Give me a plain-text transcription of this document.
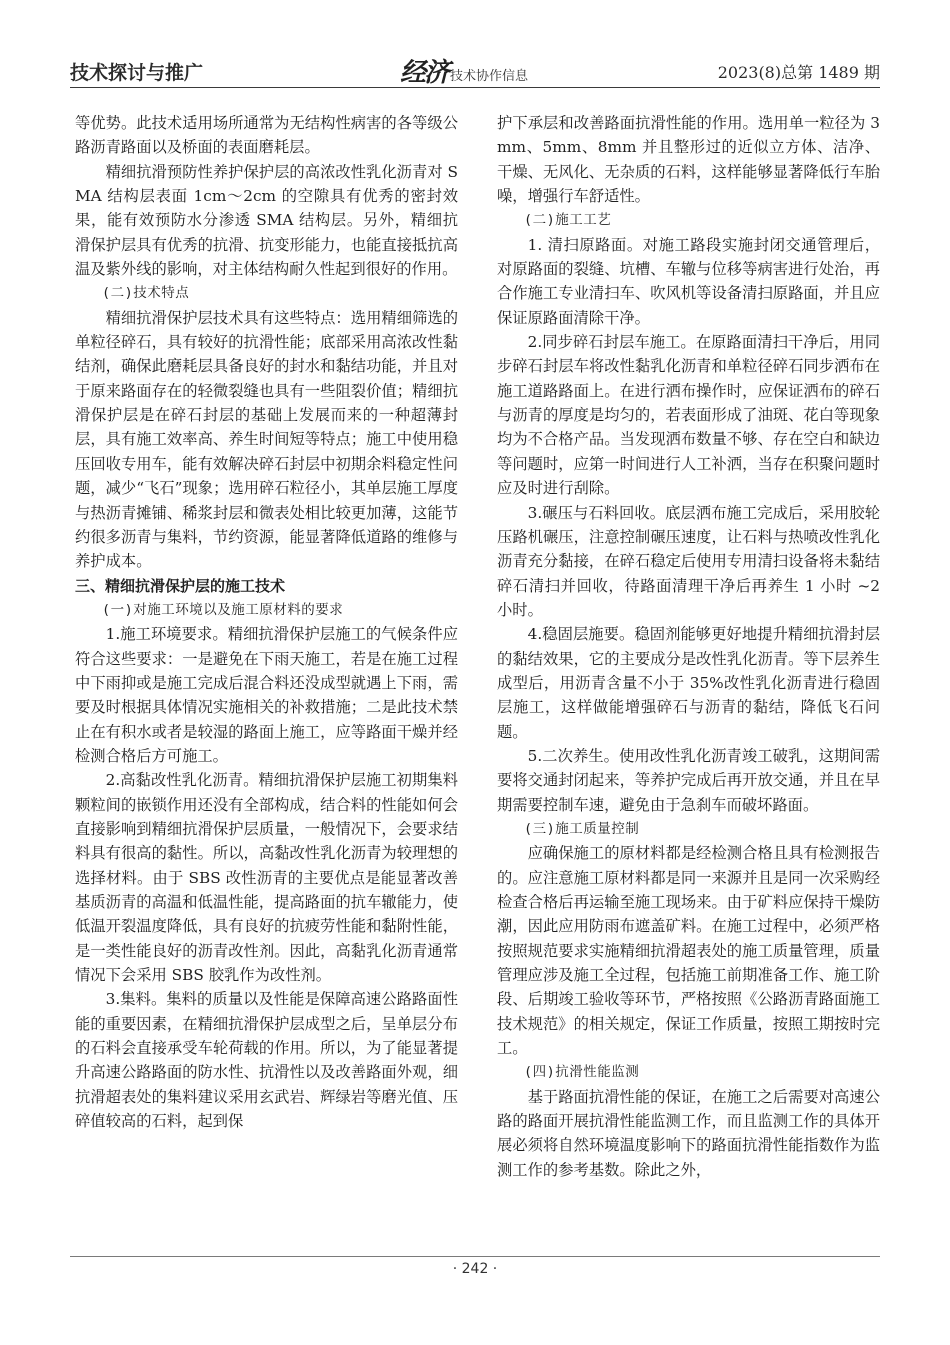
技术探讨与推广	经济 技术协作信息	2023(8)总第 1489 期

等优势。此技术适用场所通常为无结构性病害的各等级公路沥青路面以及桥面的表面磨耗层。

精细抗滑预防性养护保护层的高浓改性乳化沥青对 SMA 结构层表面 1cm～2cm 的空隙具有优秀的密封效果，能有效预防水分渗透 SMA 结构层。另外，精细抗滑保护层具有优秀的抗滑、抗变形能力，也能直接抵抗高温及紫外线的影响，对主体结构耐久性起到很好的作用。

(二)技术特点

精细抗滑保护层技术具有这些特点：选用精细筛选的单粒径碎石，具有较好的抗滑性能；底部采用高浓改性黏结剂，确保此磨耗层具备良好的封水和黏结功能，并且对于原来路面存在的轻微裂缝也具有一些阻裂价值；精细抗滑保护层是在碎石封层的基础上发展而来的一种超薄封层，具有施工效率高、养生时间短等特点；施工中使用稳压回收专用车，能有效解决碎石封层中初期余料稳定性问题，减少“飞石”现象；选用碎石粒径小，其单层施工厚度与热沥青摊铺、稀浆封层和微表处相比较更加薄，这能节约很多沥青与集料，节约资源，能显著降低道路的维修与养护成本。

三、精细抗滑保护层的施工技术

(一)对施工环境以及施工原材料的要求

1.施工环境要求。精细抗滑保护层施工的气候条件应符合这些要求：一是避免在下雨天施工，若是在施工过程中下雨抑或是施工完成后混合料还没成型就遇上下雨，需要及时根据具体情况实施相关的补救措施；二是此技术禁止在有积水或者是较湿的路面上施工，应等路面干燥并经检测合格后方可施工。

2.高黏改性乳化沥青。精细抗滑保护层施工初期集料颗粒间的嵌锁作用还没有全部构成，结合料的性能如何会直接影响到精细抗滑保护层质量，一般情况下，会要求结料具有很高的黏性。所以，高黏改性乳化沥青为较理想的选择材料。由于 SBS 改性沥青的主要优点是能显著改善基质沥青的高温和低温性能，提高路面的抗车辙能力，使低温开裂温度降低，具有良好的抗疲劳性能和黏附性能，是一类性能良好的沥青改性剂。因此，高黏乳化沥青通常情况下会采用 SBS 胶乳作为改性剂。

3.集料。集料的质量以及性能是保障高速公路路面性能的重要因素，在精细抗滑保护层成型之后，呈单层分布的石料会直接承受车轮荷载的作用。所以，为了能显著提升高速公路路面的防水性、抗滑性以及改善路面外观，细抗滑超表处的集料建议采用玄武岩、辉绿岩等磨光值、压碎值较高的石料，起到保

护下承层和改善路面抗滑性能的作用。选用单一粒径为 3mm、5mm、8mm 并且整形过的近似立方体、洁净、干燥、无风化、无杂质的石料，这样能够显著降低行车胎噪，增强行车舒适性。

(二)施工工艺

1. 清扫原路面。对施工路段实施封闭交通管理后，对原路面的裂缝、坑槽、车辙与位移等病害进行处治，再合作施工专业清扫车、吹风机等设备清扫原路面，并且应保证原路面清除干净。

2.同步碎石封层车施工。在原路面清扫干净后，用同步碎石封层车将改性黏乳化沥青和单粒径碎石同步洒布在施工道路路面上。在进行洒布操作时，应保证洒布的碎石与沥青的厚度是均匀的，若表面形成了油斑、花白等现象均为不合格产品。当发现洒布数量不够、存在空白和缺边等问题时，应第一时间进行人工补洒，当存在积聚问题时应及时进行刮除。

3.碾压与石料回收。底层洒布施工完成后，采用胶轮压路机碾压，注意控制碾压速度，让石料与热喷改性乳化沥青充分黏接，在碎石稳定后使用专用清扫设备将未黏结碎石清扫并回收，待路面清理干净后再养生 1 小时 ~2 小时。

4.稳固层施要。稳固剂能够更好地提升精细抗滑封层的黏结效果，它的主要成分是改性乳化沥青。等下层养生成型后，用沥青含量不小于 35%改性乳化沥青进行稳固层施工，这样做能增强碎石与沥青的黏结，降低飞石问题。

5.二次养生。使用改性乳化沥青竣工破乳，这期间需要将交通封闭起来，等养护完成后再开放交通，并且在早期需要控制车速，避免由于急刹车而破坏路面。

(三)施工质量控制

应确保施工的原材料都是经检测合格且具有检测报告的。应注意施工原材料都是同一来源并且是同一次采购经检查合格后再运输至施工现场来。由于矿料应保持干燥防潮，因此应用防雨布遮盖矿料。在施工过程中，必须严格按照规范要求实施精细抗滑超表处的施工质量管理，质量管理应涉及施工全过程，包括施工前期准备工作、施工阶段、后期竣工验收等环节，严格按照《公路沥青路面施工技术规范》的相关规定，保证工作质量，按照工期按时完工。

(四)抗滑性能监测

基于路面抗滑性能的保证，在施工之后需要对高速公路的路面开展抗滑性能监测工作，而且监测工作的具体开展必须将自然环境温度影响下的路面抗滑性能指数作为监测工作的参考基数。除此之外，

· 242 ·
